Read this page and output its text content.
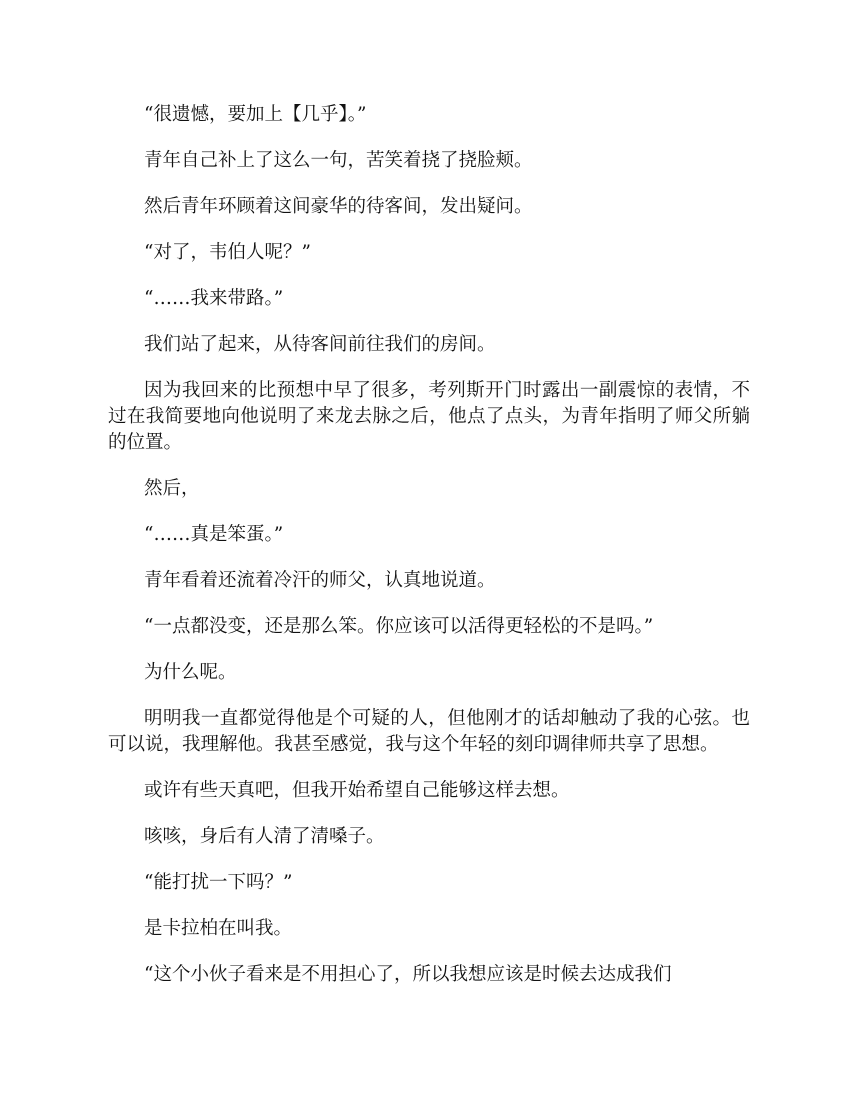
“很遗憾，要加上【几乎】。”

青年自己补上了这么一句，苦笑着挠了挠脸颊。

然后青年环顾着这间豪华的待客间，发出疑问。

“对了，韦伯人呢？”

“……我来带路。”

我们站了起来，从待客间前往我们的房间。

因为我回来的比预想中早了很多，考列斯开门时露出一副震惊的表情，不过在我简要地向他说明了来龙去脉之后，他点了点头，为青年指明了师父所躺的位置。

然后，

“……真是笨蛋。”

青年看着还流着冷汗的师父，认真地说道。

“一点都没变，还是那么笨。你应该可以活得更轻松的不是吗。”

为什么呢。

明明我一直都觉得他是个可疑的人，但他刚才的话却触动了我的心弦。也可以说，我理解他。我甚至感觉，我与这个年轻的刻印调律师共享了思想。

或许有些天真吧，但我开始希望自己能够这样去想。

咳咳，身后有人清了清嗓子。

“能打扰一下吗？”

是卡拉柏在叫我。

“这个小伙子看来是不用担心了，所以我想应该是时候去达成我们
